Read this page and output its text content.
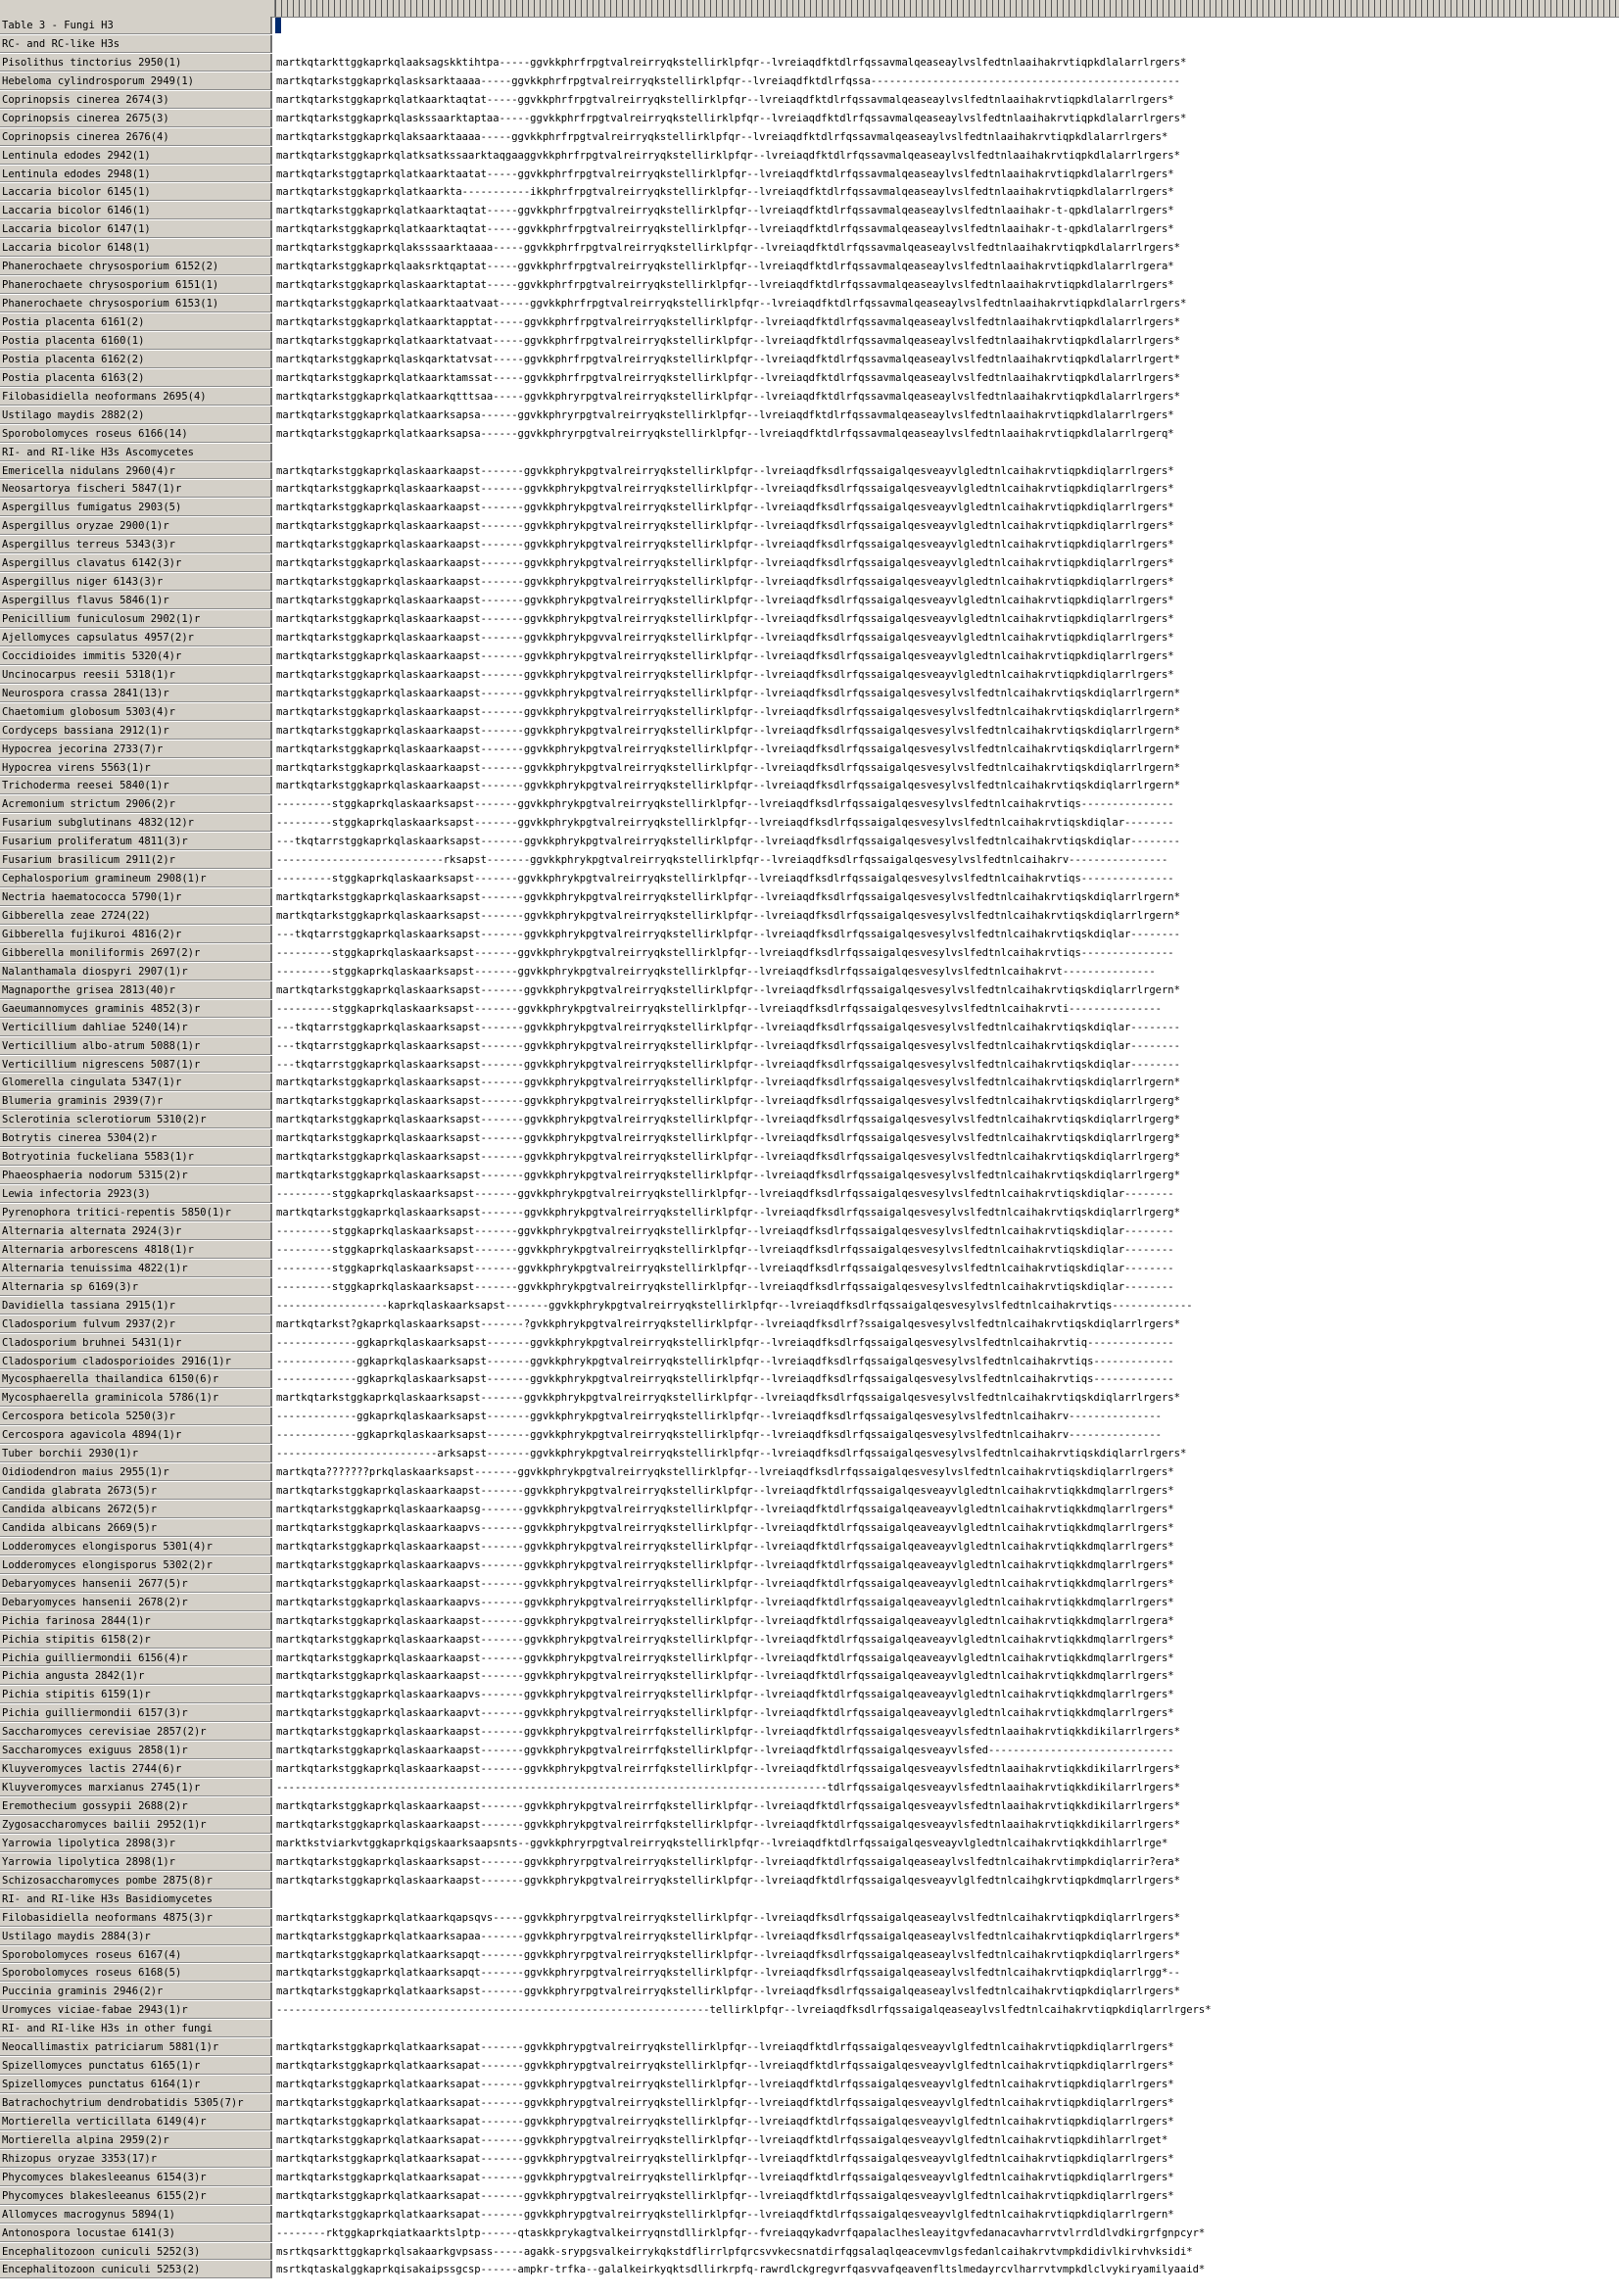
Table 3 - Fungi H3
RC- and RC-like H3s
Pisolithus tinctorius 2950(1)	martkqtarkttggkaprkqlaaksagskktihtpa-----ggvkkphrfrpgtvalreirryqkstellirklpfqr--lvreiaqdfktdlrfqssavmalqeaseaylvslfedtnlaaihakrvtiqpkdlalarrlrgers*
Hebeloma cylindrosporum 2949(1)	martkqtarkstggkaprkqlasksarktaaaa-----ggvkkphrfrpgtvalreirryqkstellirklpfqr--lvreiaqdfktdlrfqssa--------------------------------------------------
Coprinopsis cinerea 2674(3)	martkqtarkstggkaprkqlatkaarktaqtat-----ggvkkphrfrpgtvalreirryqkstellirklpfqr--lvreiaqdfktdlrfqssavmalqeaseaylvslfedtnlaaihakrvtiqpkdlalarrlrgers*
Coprinopsis cinerea 2675(3)	martkqtarkstggkaprkqlaskssaarktaptaa-----ggvkkphrfrpgtvalreirryqkstellirklpfqr--lvreiaqdfktdlrfqssavmalqeaseaylvslfedtnlaaihakrvtiqpkdlalarrlrgers*
Coprinopsis cinerea 2676(4)	martkqtarkstggkaprkqlaksaarktaaaa-----ggvkkphrfrpgtvalreirryqkstellirklpfqr--lvreiaqdfktdlrfqssavmalqeaseaylvslfedtnlaaihakrvtiqpkdlalarrlrgers*
Lentinula edodes 2942(1)	martkqtarkstggkaprkqlatksatkssaarktaqgaaggvkkphrfrpgtvalreirryqkstellirklpfqr--lvreiaqdfktdlrfqssavmalqeaseaylvslfedtnlaaihakrvtiqpkdlalarrlrgers*
Lentinula edodes 2948(1)	martkqtarkstggtaprkqlatkaarktaatat-----ggvkkphrfrpgtvalreirryqkstellirklpfqr--lvreiaqdfktdlrfqssavmalqeaseaylvslfedtnlaaihakrvtiqpkdlalarrlrgers*
Laccaria bicolor 6145(1)	martkqtarkstggkaprkqlatkaarkta-----------ikkphrfrpgtvalreirryqkstellirklpfqr--lvreiaqdfktdlrfqssavmalqeaseaylvslfedtnlaaihakrvtiqpkdlalarrlrgers*
Laccaria bicolor 6146(1)	martkqtarkstggkaprkqlatkaarktaqtat-----ggvkkphrfrpgtvalreirryqkstellirklpfqr--lvreiaqdfktdlrfqssavmalqeaseaylvslfedtnlaaihakr-t-qpkdlalarrlrgers*
Laccaria bicolor 6147(1)	martkqtarkstggkaprkqlatkaarktaqtat-----ggvkkphrfrpgtvalreirryqkstellirklpfqr--lvreiaqdfktdlrfqssavmalqeaseaylvslfedtnlaaihakr-t-qpkdlalarrlrgers*
Laccaria bicolor 6148(1)	martkqtarkstggkaprkqlaksssaarktaaaa-----ggvkkphrfrpgtvalreirryqkstellirklpfqr--lvreiaqdfktdlrfqssavmalqeaseaylvslfedtnlaaihakrvtiqpkdlalarrlrgers*
Phanerochaete chrysosporium 6152(2)	martkqtarkstggkaprkqlaaksrktqaptat-----ggvkkphrfrpgtvalreirryqkstellirklpfqr--lvreiaqdfktdlrfqssavmalqeaseaylvslfedtnlaaihakrvtiqpkdlalarrlrgera*
Phanerochaete chrysosporium 6151(1)	martkqtarkstggkaprkqlaskaarktaptat-----ggvkkphrfrpgtvalreirryqkstellirklpfqr--lvreiaqdfktdlrfqssavmalqeaseaylvslfedtnlaaihakrvtiqpkdlalarrlrgers*
Phanerochaete chrysosporium 6153(1)	martkqtarkstggkaprkqlatkaarktaatvaat-----ggvkkphrfrpgtvalreirryqkstellirklpfqr--lvreiaqdfktdlrfqssavmalqeaseaylvslfedtnlaaihakrvtiqpkdlalarrlrgers*
Postia placenta 6161(2)	martkqtarkstggkaprkqlatkaarktapptat-----ggvkkphrfrpgtvalreirryqkstellirklpfqr--lvreiaqdfktdlrfqssavmalqeaseaylvslfedtnlaaihakrvtiqpkdlalarrlrgers*
Postia placenta 6160(1)	martkqtarkstggkaprkqlatkaarktatvaat-----ggvkkphrfrpgtvalreirryqkstellirklpfqr--lvreiaqdfktdlrfqssavmalqeaseaylvslfedtnlaaihakrvtiqpkdlalarrlrgers*
Postia placenta 6162(2)	martkqtarkstggkaprkqlaskqarktatvsat-----ggvkkphrfrpgtvalreirryqkstellirklpfqr--lvreiaqdfktdlrfqssavmalqeaseaylvslfedtnlaaihakrvtiqpkdlalarrlrgert*
Postia placenta 6163(2)	martkqtarkstggkaprkqlatkaarktamssat-----ggvkkphrfrpgtvalreirryqkstellirklpfqr--lvreiaqdfktdlrfqssavmalqeaseaylvslfedtnlaaihakrvtiqpkdlalarrlrgers*
Filobasidiella neoformans 2695(4)	martkqtarkstggkaprkqlatkaarkqtttsaa-----ggvkkphryrpgtvalreirryqkstellirklpfqr--lvreiaqdfktdlrfqssavmalqeaseaylvslfedtnlaaihakrvtiqpkdlalarrlrgers*
Ustilago maydis 2882(2)	martkqtarkstggkaprkqlatkaarksapsa------ggvkkphryrpgtvalreirryqkstellirklpfqr--lvreiaqdfktdlrfqssavmalqeaseaylvslfedtnlaaihakrvtiqpkdlalarrlrgers*
Sporobolomyces roseus 6166(14)	martkqtarkstggkaprkqlatkaarksapsa------ggvkkphryrpgtvalreirryqkstellirklpfqr--lvreiaqdfktdlrfqssavmalqeaseaylvslfedtnlaaihakrvtiqpkdlalarrlrgerq*
RI- and RI-like H3s Ascomycetes
Emericella nidulans 2960(4)r	martkqtarkstggkaprkqlaskaarkaapst-------ggvkkphrykpgtvalreirryqkstellirklpfqr--lvreiaqdfksdlrfqssaigalqesveayvlgledtnlcaihakrvtiqpkdiqlarrlrgers*
Neosartorya fischeri 5847(1)r	martkqtarkstggkaprkqlaskaarkaapst-------ggvkkphrykpgtvalreirryqkstellirklpfqr--lvreiaqdfksdlrfqssaigalqesveayvlgledtnlcaihakrvtiqpkdiqlarrlrgers*
Aspergillus fumigatus 2903(5)	martkqtarkstggkaprkqlaskaarkaapst-------ggvkkphrykpgtvalreirryqkstellirklpfqr--lvreiaqdfksdlrfqssaigalqesveayvlgledtnlcaihakrvtiqpkdiqlarrlrgers*
Aspergillus oryzae 2900(1)r	martkqtarkstggkaprkqlaskaarkaapst-------ggvkkphrykpgtvalreirryqkstellirklpfqr--lvreiaqdfksdlrfqssaigalqesveayvlgledtnlcaihakrvtiqpkdiqlarrlrgers*
Aspergillus terreus 5343(3)r	martkqtarkstggkaprkqlaskaarkaapst-------ggvkkphrykpgtvalreirryqkstellirklpfqr--lvreiaqdfksdlrfqssaigalqesveayvlgledtnlcaihakrvtiqpkdiqlarrlrgers*
Aspergillus clavatus 6142(3)r	martkqtarkstggkaprkqlaskaarkaapst-------ggvkkphrykpgtvalreirryqkstellirklpfqr--lvreiaqdfksdlrfqssaigalqesveayvlgledtnlcaihakrvtiqpkdiqlarrlrgers*
Aspergillus niger 6143(3)r	martkqtarkstggkaprkqlaskaarkaapst-------ggvkkphrykpgtvalreirryqkstellirklpfqr--lvreiaqdfksdlrfqssaigalqesveayvlgledtnlcaihakrvtiqpkdiqlarrlrgers*
Aspergillus flavus 5846(1)r	martkqtarkstggkaprkqlaskaarkaapst-------ggvkkphrykpgtvalreirryqkstellirklpfqr--lvreiaqdfksdlrfqssaigalqesveayvlgledtnlcaihakrvtiqpkdiqlarrlrgers*
Penicillium funiculosum 2902(1)r	martkqtarkstggkaprkqlaskaarkaapst-------ggvkkphrykpgtvalreirryqkstellirklpfqr--lvreiaqdfksdlrfqssaigalqesveayvlgledtnlcaihakrvtiqpkdiqlarrlrgers*
Ajellomyces capsulatus 4957(2)r	martkqtarkstggkaprkqlaskaarkaapst-------ggvkkphrykpgvvalreirryqkstellirklpfqr--lvreiaqdfksdlrfqssaigalqesveayvlgledtnlcaihakrvtiqpkdiqlarrlrgers*
Coccidioides immitis 5320(4)r	martkqtarkstggkaprkqlaskaarkaapst-------ggvkkphrykpgtvalreirryqkstellirklpfqr--lvreiaqdfksdlrfqssaigalqesveayvlgledtnlcaihakrvtiqpkdiqlarrlrgers*
Uncinocarpus reesii 5318(1)r	martkqtarkstggkaprkqlaskaarkaapst-------ggvkkphrykpgtvalreirryqkstellirklpfqr--lvreiaqdfksdlrfqssaigalqesveayvlgledtnlcaihakrvtiqpkdiqlarrlrgers*
Neurospora crassa 2841(13)r	martkqtarkstggkaprkqlaskaarkaapst-------ggvkkphrykpgtvalreirryqkstellirklpfqr--lvreiaqdfksdlrfqssaigalqesvesylvslfedtnlcaihakrvtiqskdiqlarrlrgern*
Chaetomium globosum 5303(4)r	martkqtarkstggkaprkqlaskaarkaapst-------ggvkkphrykpgtvalreirryqkstellirklpfqr--lvreiaqdfksdlrfqssaigalqesvesylvslfedtnlcaihakrvtiqskdiqlarrlrgern*
Cordyceps bassiana 2912(1)r	martkqtarkstggkaprkqlaskaarkaapst-------ggvkkphrykpgtvalreirryqkstellirklpfqr--lvreiaqdfksdlrfqssaigalqesvesylvslfedtnlcaihakrvtiqskdiqlarrlrgern*
Hypocrea jecorina 2733(7)r	martkqtarkstggkaprkqlaskaarkaapst-------ggvkkphrykpgtvalreirryqkstellirklpfqr--lvreiaqdfksdlrfqssaigalqesvesylvslfedtnlcaihakrvtiqskdiqlarrlrgern*
Hypocrea virens 5563(1)r	martkqtarkstggkaprkqlaskaarkaapst-------ggvkkphrykpgtvalreirryqkstellirklpfqr--lvreiaqdfksdlrfqssaigalqesvesylvslfedtnlcaihakrvtiqskdiqlarrlrgern*
Trichoderma reesei 5840(1)r	martkqtarkstggkaprkqlaskaarkaapst-------ggvkkphrykpgtvalreirryqkstellirklpfqr--lvreiaqdfksdlrfqssaigalqesvesylvslfedtnlcaihakrvtiqskdiqlarrlrgern*
Acremonium strictum 2906(2)r	---------stggkaprkqlaskaarksapst-------ggvkkphrykpgtvalreirryqkstellirklpfqr--lvreiaqdfksdlrfqssaigalqesvesylvslfedtnlcaihakrvtiqs---------------
Fusarium subglutinans 4832(12)r	---------stggkaprkqlaskaarksapst-------ggvkkphrykpgtvalreirryqkstellirklpfqr--lvreiaqdfksdlrfqssaigalqesvesylvslfedtnlcaihakrvtiqskdiqlar--------
Fusarium proliferatum 4811(3)r	---tkqtarrstggkaprkqlaskaarksapst-------ggvkkphrykpgtvalreirryqkstellirklpfqr--lvreiaqdfksdlrfqssaigalqesvesylvslfedtnlcaihakrvtiqskdiqlar--------
Fusarium brasilicum 2911(2)r	---------------------------rksapst-------ggvkkphrykpgtvalreirryqkstellirklpfqr--lvreiaqdfksdlrfqssaigalqesvesylvslfedtnlcaihakrv----------------
Cephalosporium gramineum 2908(1)r	---------stggkaprkqlaskaarksapst-------ggvkkphrykpgtvalreirryqkstellirklpfqr--lvreiaqdfksdlrfqssaigalqesvesylvslfedtnlcaihakrvtiqs---------------
Nectria haematococca 5790(1)r	martkqtarkstggkaprkqlaskaarksapst-------ggvkkphrykpgtvalreirryqkstellirklpfqr--lvreiaqdfksdlrfqssaigalqesvesylvslfedtnlcaihakrvtiqskdiqlarrlrgern*
Gibberella zeae 2724(22)	martkqtarkstggkaprkqlaskaarksapst-------ggvkkphrykpgtvalreirryqkstellirklpfqr--lvreiaqdfksdlrfqssaigalqesvesylvslfedtnlcaihakrvtiqskdiqlarrlrgern*
Gibberella fujikuroi 4816(2)r	---tkqtarrstggkaprkqlaskaarksapst-------ggvkkphrykpgtvalreirryqkstellirklpfqr--lvreiaqdfksdlrfqssaigalqesvesylvslfedtnlcaihakrvtiqskdiqlar--------
Gibberella moniliformis 2697(2)r	---------stggkaprkqlaskaarksapst-------ggvkkphrykpgtvalreirryqkstellirklpfqr--lvreiaqdfksdlrfqssaigalqesvesylvslfedtnlcaihakrvtiqs---------------
Nalanthamala diospyri 2907(1)r	---------stggkaprkqlaskaarksapst-------ggvkkphrykpgtvalreirryqkstellirklpfqr--lvreiaqdfksdlrfqssaigalqesvesylvslfedtnlcaihakrvt---------------
Magnaporthe grisea 2813(40)r	martkqtarkstggkaprkqlaskaarksapst-------ggvkkphrykpgtvalreirryqkstellirklpfqr--lvreiaqdfksdlrfqssaigalqesvesylvslfedtnlcaihakrvtiqskdiqlarrlrgern*
Gaeumannomyces graminis 4852(3)r	---------stggkaprkqlaskaarksapst-------ggvkkphrykpgtvalreirryqkstellirklpfqr--lvreiaqdfksdlrfqssaigalqesvesylvslfedtnlcaihakrvti---------------
Verticillium dahliae 5240(14)r	---tkqtarrstggkaprkqlaskaarksapst-------ggvkkphrykpgtvalreirryqkstellirklpfqr--lvreiaqdfksdlrfqssaigalqesvesylvslfedtnlcaihakrvtiqskdiqlar--------
Verticillium albo-atrum 5088(1)r	---tkqtarrstggkaprkqlaskaarksapst-------ggvkkphrykpgtvalreirryqkstellirklpfqr--lvreiaqdfksdlrfqssaigalqesvesylvslfedtnlcaihakrvtiqskdiqlar--------
Verticillium nigrescens 5087(1)r	---tkqtarrstggkaprkqlaskaarksapst-------ggvkkphrykpgtvalreirryqkstellirklpfqr--lvreiaqdfksdlrfqssaigalqesvesylvslfedtnlcaihakrvtiqskdiqlar--------
Glomerella cingulata 5347(1)r	martkqtarkstggkaprkqlaskaarksapst-------ggvkkphrykpgtvalreirryqkstellirklpfqr--lvreiaqdfksdlrfqssaigalqesvesylvslfedtnlcaihakrvtiqskdiqlarrlrgern*
Blumeria graminis 2939(7)r	martkqtarkstggkaprkqlaskaarksapst-------ggvkkphrykpgtvalreirryqkstellirklpfqr--lvreiaqdfksdlrfqssaigalqesvesylvslfedtnlcaihakrvtiqskdiqlarrlrgerg*
Sclerotinia sclerotiorum 5310(2)r	martkqtarkstggkaprkqlaskaarksapst-------ggvkkphrykpgtvalreirryqkstellirklpfqr--lvreiaqdfksdlrfqssaigalqesvesylvslfedtnlcaihakrvtiqskdiqlarrlrgerg*
Botrytis cinerea 5304(2)r	martkqtarkstggkaprkqlaskaarksapst-------ggvkkphrykpgtvalreirryqkstellirklpfqr--lvreiaqdfksdlrfqssaigalqesvesylvslfedtnlcaihakrvtiqskdiqlarrlrgerg*
Botryotinia fuckeliana 5583(1)r	martkqtarkstggkaprkqlaskaarksapst-------ggvkkphrykpgtvalreirryqkstellirklpfqr--lvreiaqdfksdlrfqssaigalqesvesylvslfedtnlcaihakrvtiqskdiqlarrlrgerg*
Phaeosphaeria nodorum 5315(2)r	martkqtarkstggkaprkqlaskaarksapst-------ggvkkphrykpgtvalreirryqkstellirklpfqr--lvreiaqdfksdlrfqssaigalqesvesylvslfedtnlcaihakrvtiqskdiqlarrlrgerg*
Lewia infectoria 2923(3)	---------stggkaprkqlaskaarksapst-------ggvkkphrykpgtvalreirryqkstellirklpfqr--lvreiaqdfksdlrfqssaigalqesvesylvslfedtnlcaihakrvtiqskdiqlar--------
Pyrenophora tritici-repentis 5850(1)r	martkqtarkstggkaprkqlaskaarksapst-------ggvkkphrykpgtvalreirryqkstellirklpfqr--lvreiaqdfksdlrfqssaigalqesvesylvslfedtnlcaihakrvtiqskdiqlarrlrgerg*
Alternaria alternata 2924(3)r	---------stggkaprkqlaskaarksapst-------ggvkkphrykpgtvalreirryqkstellirklpfqr--lvreiaqdfksdlrfqssaigalqesvesylvslfedtnlcaihakrvtiqskdiqlar--------
Alternaria arborescens 4818(1)r	---------stggkaprkqlaskaarksapst-------ggvkkphrykpgtvalreirryqkstellirklpfqr--lvreiaqdfksdlrfqssaigalqesvesylvslfedtnlcaihakrvtiqskdiqlar--------
Alternaria tenuissima 4822(1)r	---------stggkaprkqlaskaarksapst-------ggvkkphrykpgtvalreirryqkstellirklpfqr--lvreiaqdfksdlrfqssaigalqesvesylvslfedtnlcaihakrvtiqskdiqlar--------
Alternaria sp 6169(3)r	---------stggkaprkqlaskaarksapst-------ggvkkphrykpgtvalreirryqkstellirklpfqr--lvreiaqdfksdlrfqssaigalqesvesylvslfedtnlcaihakrvtiqskdiqlar--------
Davidiella tassiana 2915(1)r	------------------kaprkqlaskaarksapst-------ggvkkphrykpgtvalreirryqkstellirklpfqr--lvreiaqdfksdlrfqssaigalqesvesylvslfedtnlcaihakrvtiqs-------------
Cladosporium fulvum 2937(2)r	martkqtarkst?gkaprkqlaskaarksapst-------?gvkkphrykpgtvalreirryqkstellirklpfqr--lvreiaqdfksdlrf?ssaigalqesvesylvslfedtnlcaihakrvtiqskdiqlarrlrgers*
Cladosporium bruhnei 5431(1)r	-------------ggkaprkqlaskaarksapst-------ggvkkphrykpgtvalreirryqkstellirklpfqr--lvreiaqdfksdlrfqssaigalqesvesylvslfedtnlcaihakrvtiq--------------
Cladosporium cladosporioides 2916(1)r	-------------ggkaprkqlaskaarksapst-------ggvkkphrykpgtvalreirryqkstellirklpfqr--lvreiaqdfksdlrfqssaigalqesvesylvslfedtnlcaihakrvtiqs-------------
Mycosphaerella thailandica 6150(6)r	-------------ggkaprkqlaskaarksapst-------ggvkkphrykpgtvalreirryqkstellirklpfqr--lvreiaqdfksdlrfqssaigalqesvesylvslfedtnlcaihakrvtiqs-------------
Mycosphaerella graminicola 5786(1)r	martkqtarkstggkaprkqlaskaarksapst-------ggvkkphrykpgtvalreirryqkstellirklpfqr--lvreiaqdfksdlrfqssaigalqesvesylvslfedtnlcaihakrvtiqskdiqlarrlrgers*
Cercospora beticola 5250(3)r	-------------ggkaprkqlaskaarksapst-------ggvkkphrykpgtvalreirryqkstellirklpfqr--lvreiaqdfksdlrfqssaigalqesvesylvslfedtnlcaihakrv---------------
Cercospora agavicola 4894(1)r	-------------ggkaprkqlaskaarksapst-------ggvkkphrykpgtvalreirryqkstellirklpfqr--lvreiaqdfksdlrfqssaigalqesvesylvslfedtnlcaihakrv---------------
Tuber borchii 2930(1)r	--------------------------arksapst-------ggvkkphrykpgtvalreirryqkstellirklpfqr--lvreiaqdfksdlrfqssaigalqesvesylvslfedtnlcaihakrvtiqskdiqlarrlrgers*
Oidiodendron maius 2955(1)r	martkqta???????prkqlaskaarksapst-------ggvkkphrykpgtvalreirryqkstellirklpfqr--lvreiaqdfksdlrfqssaigalqesvesylvslfedtnlcaihakrvtiqskdiqlarrlrgers*
Candida glabrata 2673(5)r	martkqtarkstggkaprkqlaskaarkaapst-------ggvkkphrykpgtvalreirryqkstellirklpfqr--lvreiaqdfktdlrfqssaigalqesveayvlgledtnlcaihakrvtiqkkdmqlarrlrgers*
Candida albicans 2672(5)r	martkqtarkstggkaprkqlaskaarkaapsg-------ggvkkphrykpgtvalreirryqkstellirklpfqr--lvreiaqdfktdlrfqssaigalqeaveayvlgledtnlcaihakrvtiqkkdmqlarrlrgers*
Candida albicans 2669(5)r	martkqtarkstggkaprkqlaskaarkaapvs-------ggvkkphrykpgtvalreirryqkstellirklpfqr--lvreiaqdfktdlrfqssaigalqeaveayvlgledtnlcaihakrvtiqkkdmqlarrlrgers*
Lodderomyces elongisporus 5301(4)r	martkqtarkstggkaprkqlaskaarkaapst-------ggvkkphrykpgtvalreirryqkstellirklpfqr--lvreiaqdfktdlrfqssaigalqeaveayvlgledtnlcaihakrvtiqkkdmqlarrlrgers*
Lodderomyces elongisporus 5302(2)r	martkqtarkstggkaprkqlaskaarkaapvs-------ggvkkphrykpgtvalreirryqkstellirklpfqr--lvreiaqdfktdlrfqssaigalqeaveayvlgledtnlcaihakrvtiqkkdmqlarrlrgers*
Debaryomyces hansenii 2677(5)r	martkqtarkstggkaprkqlaskaarkaapst-------ggvkkphrykpgtvalreirryqkstellirklpfqr--lvreiaqdfktdlrfqssaigalqeaveayvlgledtnlcaihakrvtiqkkdmqlarrlrgers*
Debaryomyces hansenii 2678(2)r	martkqtarkstggkaprkqlaskaarkaapvs-------ggvkkphrykpgtvalreirryqkstellirklpfqr--lvreiaqdfktdlrfqssaigalqeaveayvlgledtnlcaihakrvtiqkkdmqlarrlrgers*
Pichia farinosa 2844(1)r	martkqtarkstggkaprkqlaskaarkaapst-------ggvkkphrykpgtvalreirryqkstellirklpfqr--lvreiaqdfktdlrfqssaigalqeaveayvlgledtnlcaihakrvtiqkkdmqlarrlrgera*
Pichia stipitis 6158(2)r	martkqtarkstggkaprkqlaskaarkaapst-------ggvkkphrykpgtvalreirryqkstellirklpfqr--lvreiaqdfktdlrfqssaigalqeaveayvlgledtnlcaihakrvtiqkkdmqlarrlrgers*
Pichia guilliermondii 6156(4)r	martkqtarkstggkaprkqlaskaarkaapst-------ggvkkphrykpgtvalreirryqkstellirklpfqr--lvreiaqdfktdlrfqssaigalqeaveayvlgledtnlcaihakrvtiqkkdmqlarrlrgers*
Pichia angusta 2842(1)r	martkqtarkstggkaprkqlaskaarkaapst-------ggvkkphrykpgtvalreirryqkstellirklpfqr--lvreiaqdfktdlrfqssaigalqeaveayvlgledtnlcaihakrvtiqkkdmqlarrlrgers*
Pichia stipitis 6159(1)r	martkqtarkstggkaprkqlaskaarkaapvs-------ggvkkphrykpgtvalreirryqkstellirklpfqr--lvreiaqdfktdlrfqssaigalqeaveayvlgledtnlcaihakrvtiqkkdmqlarrlrgers*
Pichia guilliermondii 6157(3)r	martkqtarkstggkaprkqlaskaarkaapvt-------ggvkkphrykpgtvalreirryqkstellirklpfqr--lvreiaqdfktdlrfqssaigalqeaveayvlgledtnlcaihakrvtiqkkdmqlarrlrgers*
Saccharomyces cerevisiae 2857(2)r	martkqtarkstggkaprkqlaskaarkaapst-------ggvkkphrykpgtvalreirrfqkstellirklpfqr--lvreiaqdfktdlrfqssaigalqesveayvlsfedtnlaaihakrvtiqkkdikilarrlrgers*
Saccharomyces exiguus 2858(1)r	martkqtarkstggkaprkqlaskaarkaapst-------ggvkkphrykpgtvalreirrfqkstellirklpfqr--lvreiaqdfktdlrfqssaigalqesveayvlsfed------------------------------
Kluyveromyces lactis 2744(6)r	martkqtarkstggkaprkqlaskaarkaapst-------ggvkkphrykpgtvalreirrfqkstellirklpfqr--lvreiaqdfktdlrfqssaigalqesveayvlsfedtnlaaihakrvtiqkkdikilarrlrgers*
Kluyveromyces marxianus 2745(1)r	-----------------------------------------------------------------------------------------tdlrfqssaigalqesveayvlsfedtnlaaihakrvtiqkkdikilarrlrgers*
Eremothecium gossypii 2688(2)r	martkqtarkstggkaprkqlaskaarkaapst-------ggvkkphrykpgtvalreirrfqkstellirklpfqr--lvreiaqdfktdlrfqssaigalqesveayvlsfedtnlaaihakrvtiqkkdikilarrlrgers*
Zygosaccharomyces bailii 2952(1)r	martkqtarkstggkaprkqlaskaarkaapst-------ggvkkphrykpgtvalreirrfqkstellirklpfqr--lvreiaqdfktdlrfqssaigalqesveayvlsfedtnlaaihakrvtiqkkdikilarrlrgers*
Yarrowia lipolytica 2898(3)r	marktkstviarkvtggkaprkqigskaarksaapsnts--ggvkkphryrpgtvalreirryqkstellirklpfqr--lvreiaqdfktdlrfqssaigalqesveayvlgledtnlcaihakrvtiqkkdihlarrlrge*
Yarrowia lipolytica 2898(1)r	martkqtarkstggkaprkqlaskaarksapst-------ggvkkphryrpgtvalreirryqkstellirklpfqr--lvreiaqdfktdlrfqssaigalqeaseaylvslfedtnlcaihakrvtimpkdiqlarrir?era*
Schizosaccharomyces pombe 2875(8)r	martkqtarkstggkaprkqlaskaarkaapst-------ggvkkphrykpgtvalreirryqkstellirklpfqr--lvreiaqdfktdlrfqssaigalqesveayvlglfedtnlcaihgkrvtiqpkdmqlarrlrgers*
RI- and RI-like H3s Basidiomycetes
Filobasidiella neoformans 4875(3)r	martkqtarkstggkaprkqlatkaarkqapsqvs-----ggvkkphryrpgtvalreirryqkstellirklpfqr--lvreiaqdfksdlrfqssaigalqeaseaylvslfedtnlcaihakrvtiqpkdiqlarrlrgers*
Ustilago maydis 2884(3)r	martkqtarkstggkaprkqlatkaarksapaa-------ggvkkphryrpgtvalreirryqkstellirklpfqr--lvreiaqdfksdlrfqssaigalqeaseaylvslfedtnlcaihakrvtiqpkdiqlarrlrgers*
Sporobolomyces roseus 6167(4)	martkqtarkstggkaprkqlatkaarksapqt-------ggvkkphryrpgtvalreirryqkstellirklpfqr--lvreiaqdfksdlrfqssaigalqeaseaylvslfedtnlcaihakrvtiqpkdiqlarrlrgers*
Sporobolomyces roseus 6168(5)	martkqtarkstggkaprkqlatkaarksapqt-------ggvkkphryrpgtvalreirryqkstellirklpfqr--lvreiaqdfksdlrfqssaigalqeaseaylvslfedtnlcaihakrvtiqpkdiqlarrlrgg*--
Puccinia graminis 2946(2)r	martkqtarkstggkaprkqlatkaarksapst-------ggvkkphryrpgtvalreirryqkstellirklpfqr--lvreiaqdfksdlrfqssaigalqeaseaylvslfedtnlcaihakrvtiqpkdiqlarrlrgers*
Uromyces viciae-fabae 2943(1)r	----------------------------------------------------------------------tellirklpfqr--lvreiaqdfksdlrfqssaigalqeaseaylvslfedtnlcaihakrvtiqpkdiqlarrlrgers*
RI- and RI-like H3s in other fungi
Neocallimastix patriciarum 5881(1)r	martkqtarkstggkaprkqlatkaarksapat-------ggvkkphrypgtvalreirryqkstellirklpfqr--lvreiaqdfktdlrfqssaigalqesveayvlglfedtnlcaihakrvtiqpkdiqlarrlrgers*
Spizellomyces punctatus 6165(1)r	martkqtarkstggkaprkqlatkaarksapat-------ggvkkphrypgtvalreirryqkstellirklpfqr--lvreiaqdfktdlrfqssaigalqesveayvlglfedtnlcaihakrvtiqpkdiqlarrlrgers*
Spizellomyces punctatus 6164(1)r	martkqtarkstggkaprkqlatkaarksapat-------ggvkkphrypgtvalreirryqkstellirklpfqr--lvreiaqdfktdlrfqssaigalqesveayvlglfedtnlcaihakrvtiqpkdiqlarrlrgers*
Batrachochytrium dendrobatidis 5305(7)r	martkqtarkstggkaprkqlatkaarksapat-------ggvkkphrypgtvalreirryqkstellirklpfqr--lvreiaqdfktdlrfqssaigalqesveayvlglfedtnlcaihakrvtiqpkdiqlarrlrgers*
Mortierella verticillata 6149(4)r	martkqtarkstggkaprkqlatkaarksapat-------ggvkkphrypgtvalreirryqkstellirklpfqr--lvreiaqdfktdlrfqssaigalqesveayvlglfedtnlcaihakrvtiqpkdiqlarrlrgers*
Mortierella alpina 2959(2)r	martkqtarkstggkaprkqlatkaarksapat-------ggvkkphrypgtvalreirryqkstellirklpfqr--lvreiaqdfktdlrfqssaigalqesveayvlglfedtnlcaihakrvtiqpkdihlarrlrget*
Rhizopus oryzae 3353(17)r	martkqtarkstggkaprkqlatkaarksapat-------ggvkkphrypgtvalreirryqkstellirklpfqr--lvreiaqdfktdlrfqssaigalqesveayvlglfedtnlcaihakrvtiqpkdiqlarrlrgers*
Phycomyces blakesleeanus 6154(3)r	martkqtarkstggkaprkqlatkaarksapat-------ggvkkphrypgtvalreirryqkstellirklpfqr--lvreiaqdfktdlrfqssaigalqesveayvlglfedtnlcaihakrvtiqpkdiqlarrlrgers*
Phycomyces blakesleeanus 6155(2)r	martkqtarkstggkaprkqlatkaarksapat-------ggvkkphrypgtvalreirryqkstellirklpfqr--lvreiaqdfktdlrfqssaigalqesveayvlglfedtnlcaihakrvtiqpkdiqlarrlrgers*
Allomyces macrogynus 5894(1)	martkqtarkstggkaprkqlatkaarksapat-------ggvkkphrypgtvalreirryqkstellirklpfqr--lvreiaqdfktdlrfqssaigalqesveayvlglfedtnlcaihakrvtiqpkdiqlarrlrgern*
Antonospora locustae 6141(3)	--------rktggkaprkqiatkaarktslptp------qtaskkprykagtvalkeirryqnstdllirklpfqr--fvreiaqqykadvrfqapalaclhesleayitgvfedanacavharrvtvlrrdldlvdkirgrfgnpcyr*
Encephalitozoon cuniculi 5252(3)	msrtkqsarkttggkaprkqlsakaarkgvpsass-----agakk-srypgsvalkeirrykqkstdflirrlpfqrcsvvkecsnatdirfqgsalaqlqeacevmvlgsfedanlcaihakrvtvmpkdidivlkirvhvksidi*
Encephalitozoon cuniculi 5253(2)	msrtkqtaskalggkaprkqisakaipssgcsp------ampkr-trfka--galalkeirkyqktsdllirkrpfq-rawrdlckgregvrfqasvvafqeavenfltslmedayrcvlharrvtvmpkdlclvykiryamilyaaid*
